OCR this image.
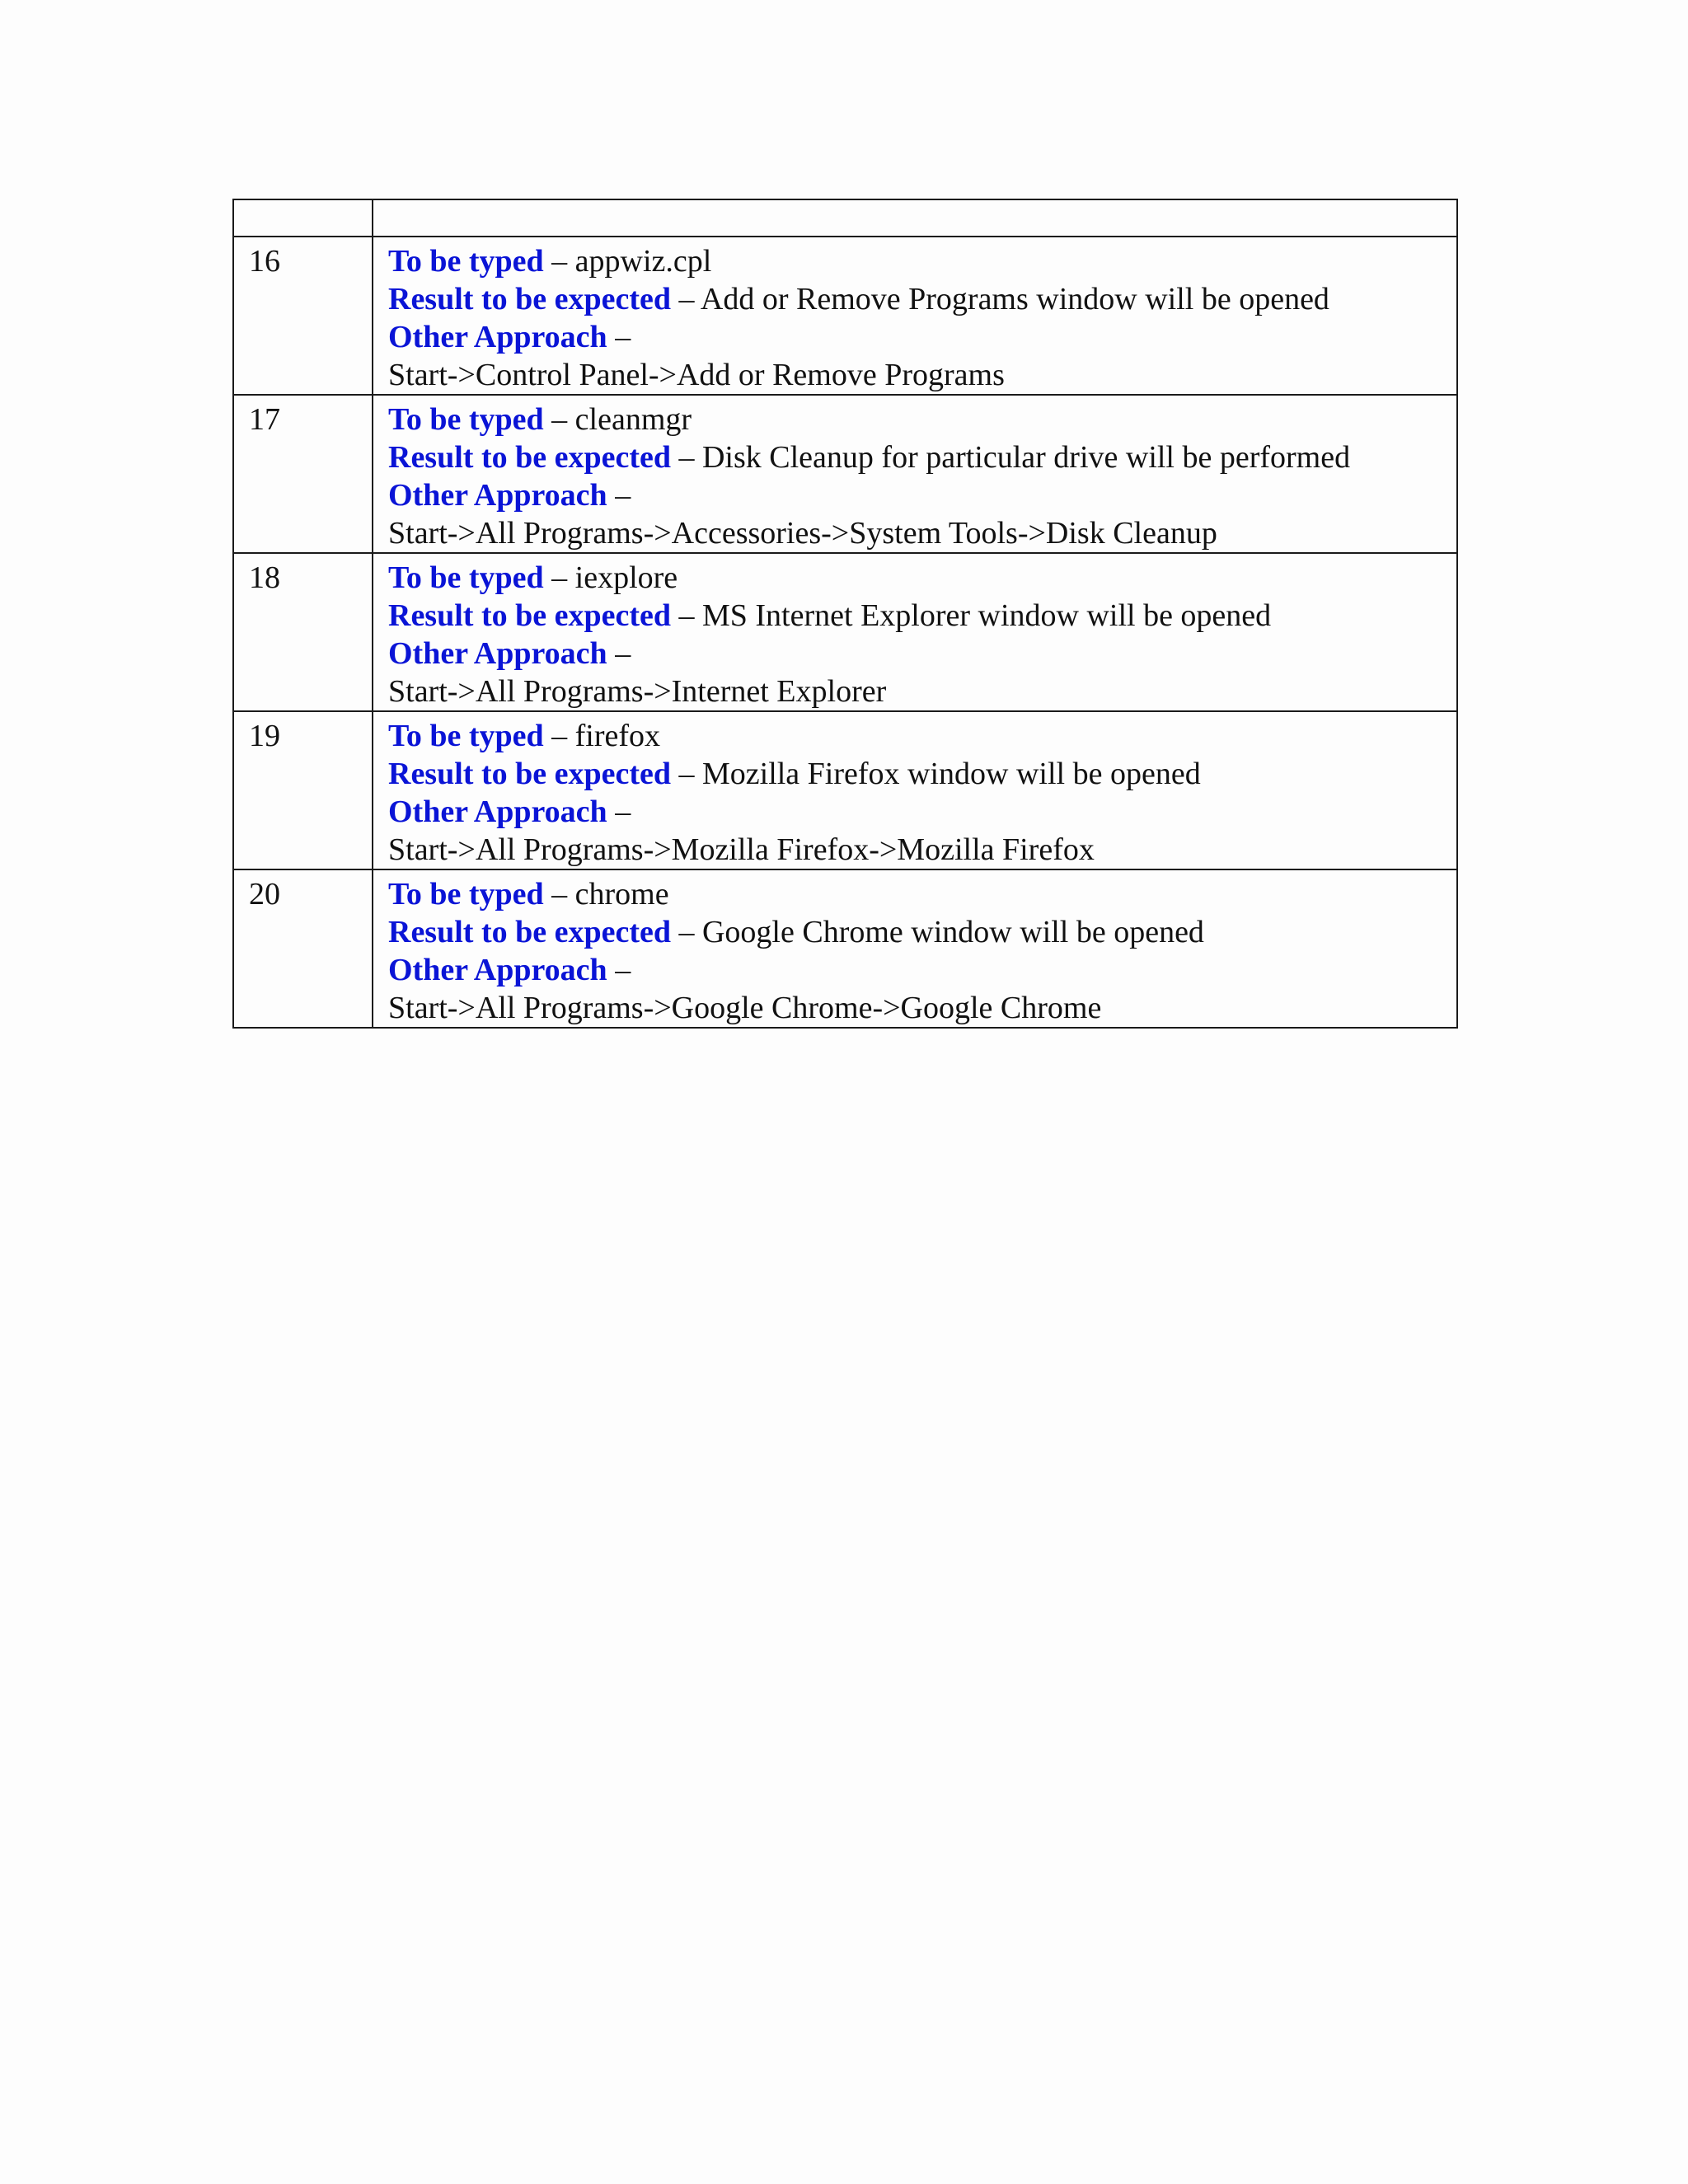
16	To be typed – appwiz.cpl
Result to be expected – Add or Remove Programs window will be opened
Other Approach –
Start->Control Panel->Add or Remove Programs

17	To be typed – cleanmgr
Result to be expected – Disk Cleanup for particular drive will be performed
Other Approach –
Start->All Programs->Accessories->System Tools->Disk Cleanup

18	To be typed – iexplore
Result to be expected – MS Internet Explorer window will be opened
Other Approach –
Start->All Programs->Internet Explorer

19	To be typed – firefox
Result to be expected – Mozilla Firefox window will be opened
Other Approach –
Start->All Programs->Mozilla Firefox->Mozilla Firefox

20	To be typed – chrome
Result to be expected – Google Chrome window will be opened
Other Approach –
Start->All Programs->Google Chrome->Google Chrome
